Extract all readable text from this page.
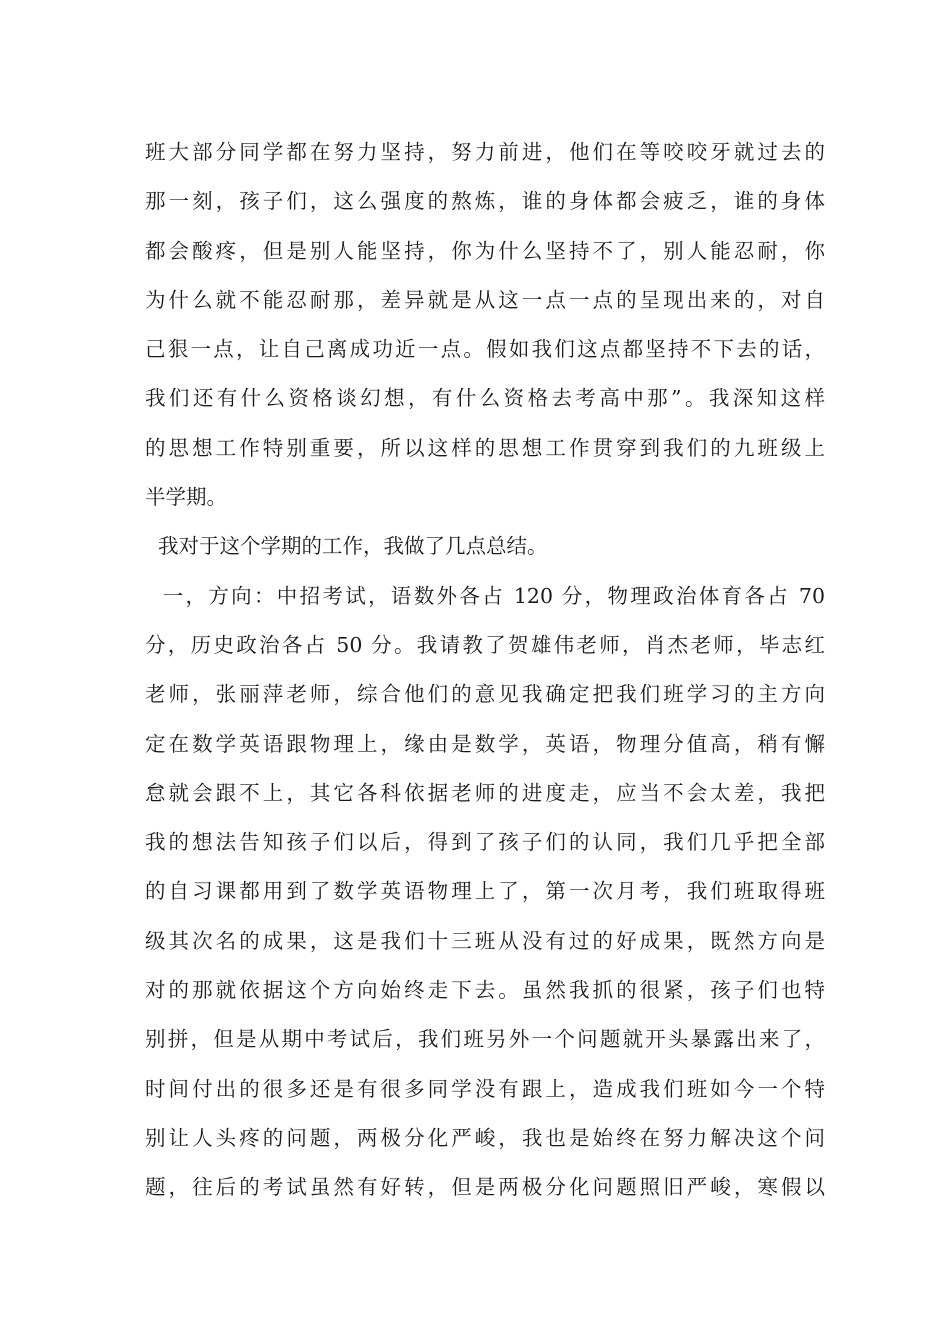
班大部分同学都在努力坚持，努力前进，他们在等咬咬牙就过去的
那一刻，孩子们，这么强度的熬炼，谁的身体都会疲乏，谁的身体
都会酸疼，但是别人能坚持，你为什么坚持不了，别人能忍耐，你
为什么就不能忍耐那，差异就是从这一点一点的呈现出来的，对自
己狠一点，让自己离成功近一点。假如我们这点都坚持不下去的话，
我们还有什么资格谈幻想，有什么资格去考高中那”。我深知这样
的思想工作特别重要，所以这样的思想工作贯穿到我们的九班级上
半学期。
我对于这个学期的工作，我做了几点总结。
一，方向：中招考试，语数外各占 120 分，物理政治体育各占 70
分，历史政治各占 50 分。我请教了贺雄伟老师，肖杰老师，毕志红
老师，张丽萍老师，综合他们的意见我确定把我们班学习的主方向
定在数学英语跟物理上，缘由是数学，英语，物理分值高，稍有懈
怠就会跟不上，其它各科依据老师的进度走，应当不会太差，我把
我的想法告知孩子们以后，得到了孩子们的认同，我们几乎把全部
的自习课都用到了数学英语物理上了，第一次月考，我们班取得班
级其次名的成果，这是我们十三班从没有过的好成果，既然方向是
对的那就依据这个方向始终走下去。虽然我抓的很紧，孩子们也特
别拼，但是从期中考试后，我们班另外一个问题就开头暴露出来了，
时间付出的很多还是有很多同学没有跟上，造成我们班如今一个特
别让人头疼的问题，两极分化严峻，我也是始终在努力解决这个问
题，往后的考试虽然有好转，但是两极分化问题照旧严峻，寒假以
